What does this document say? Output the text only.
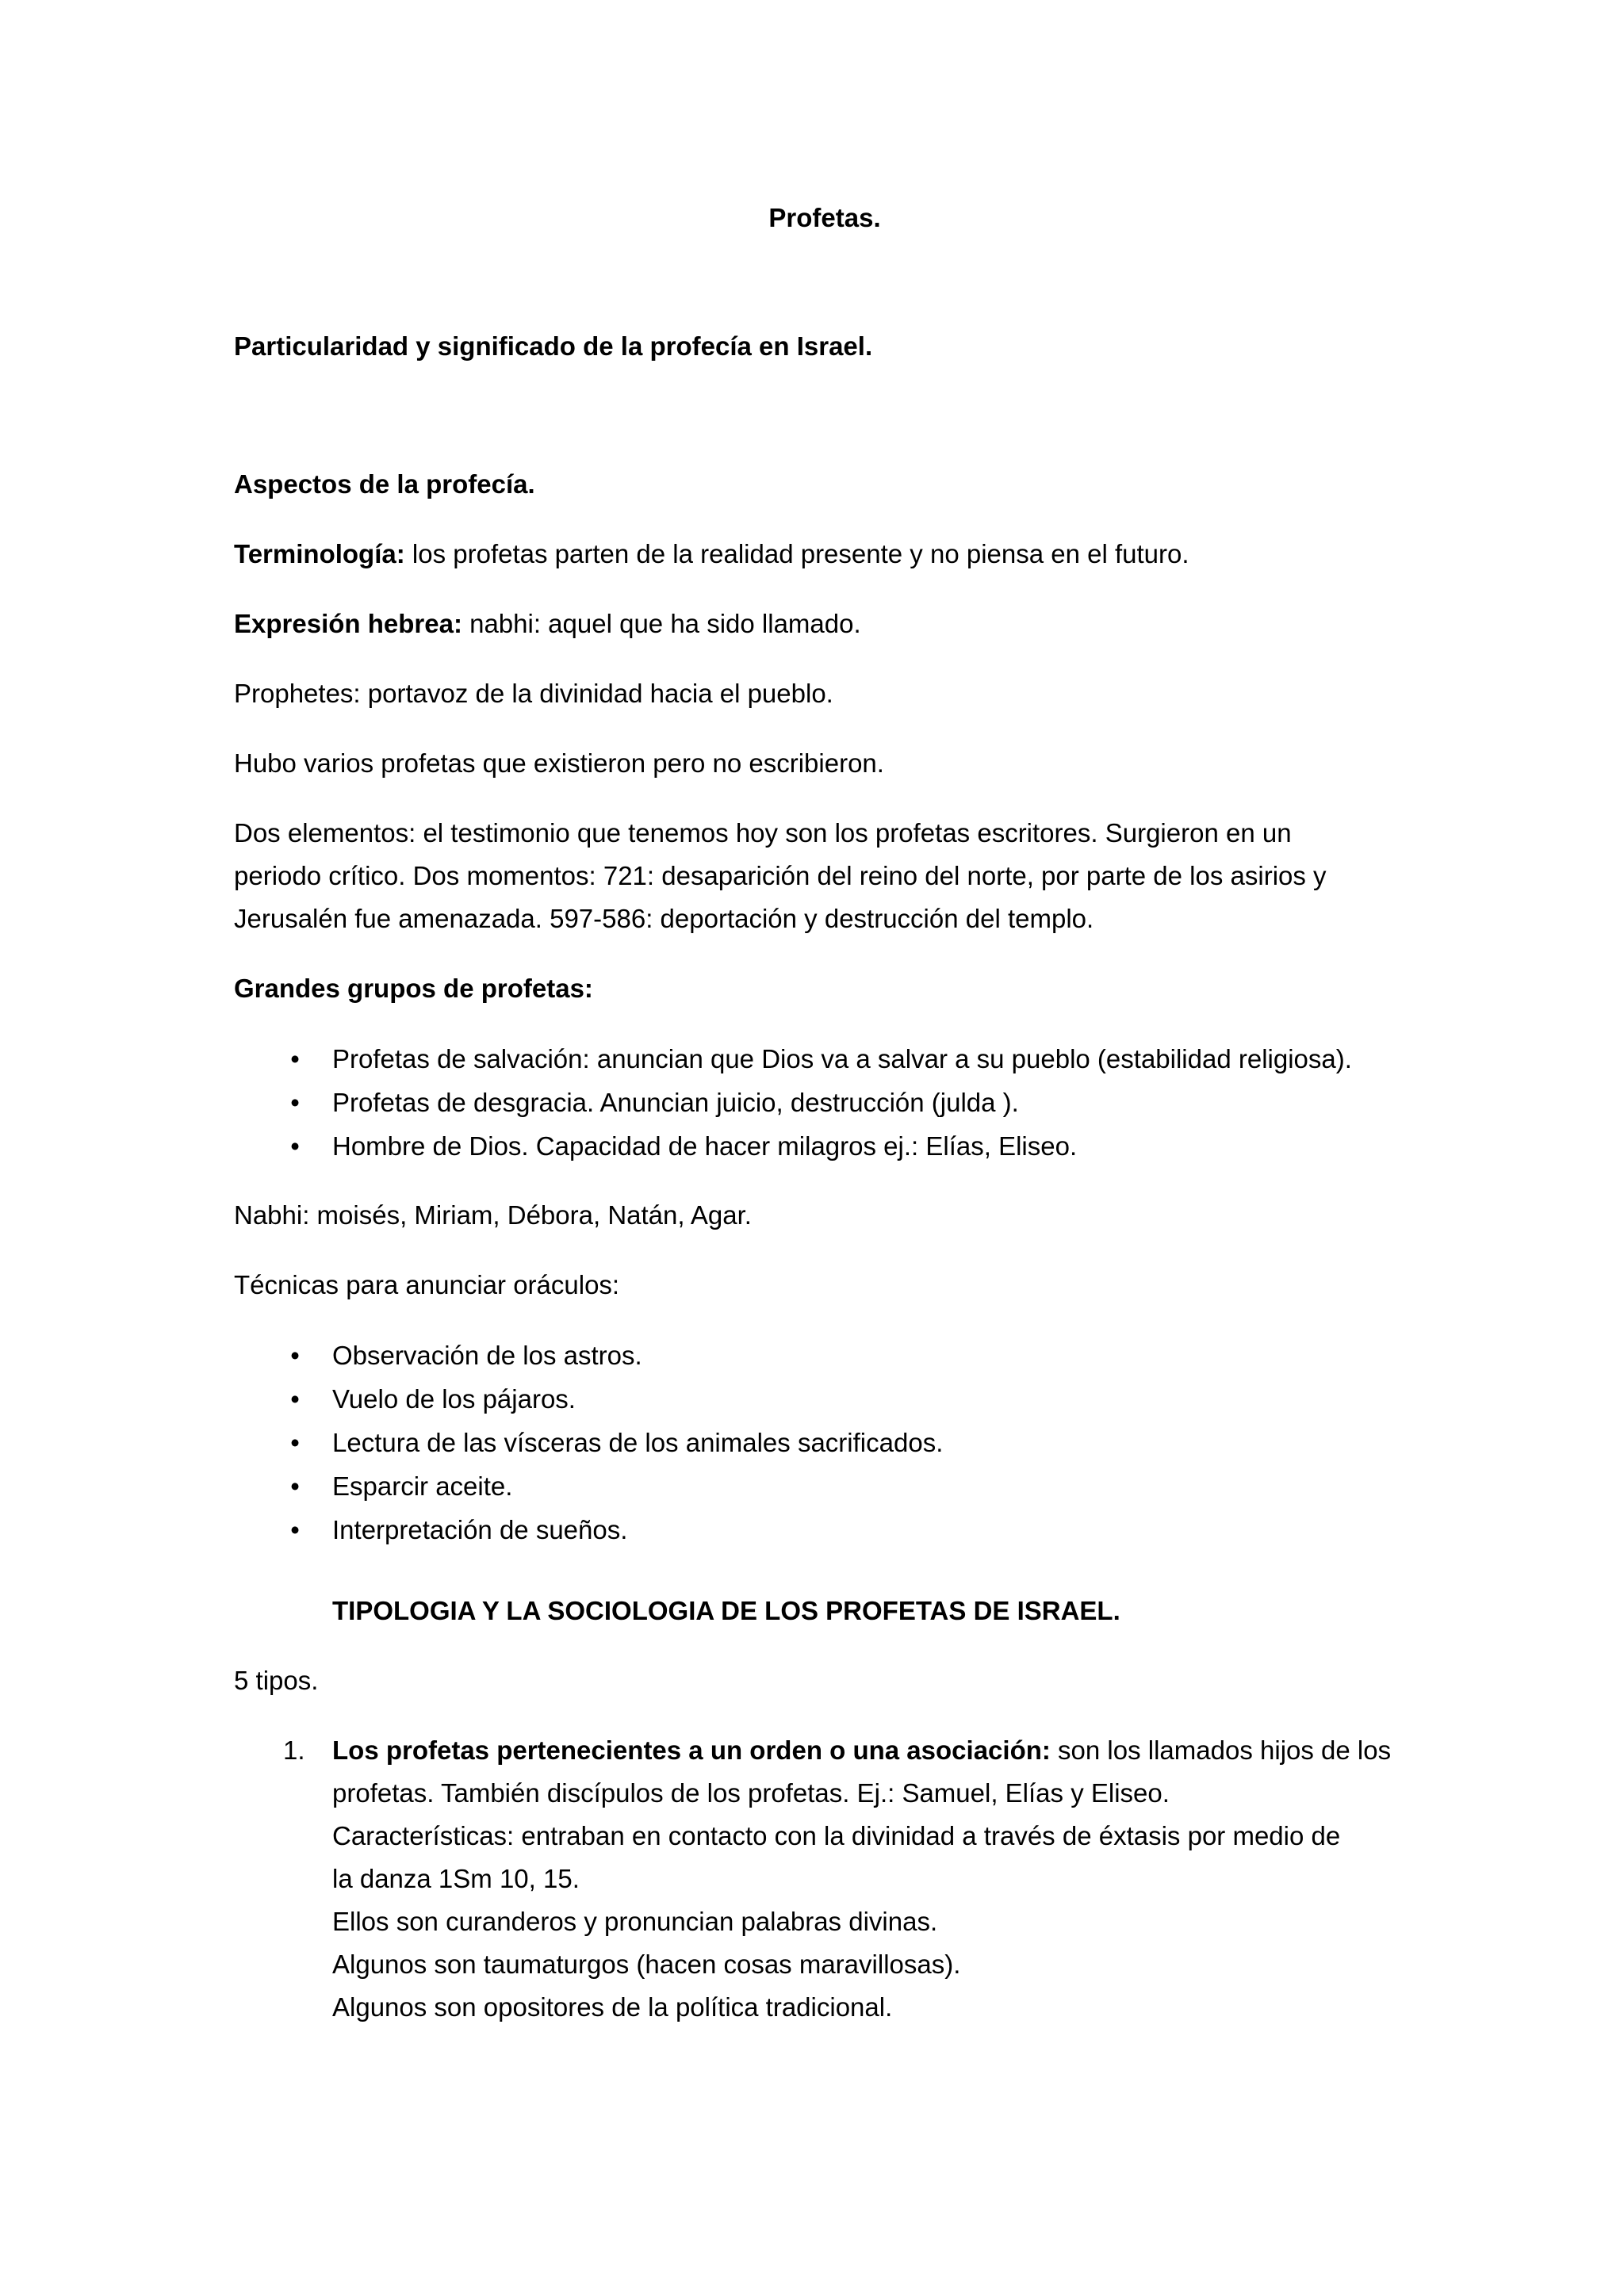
Profetas.

Particularidad y significado de la profecía en Israel.

Aspectos de la profecía.

Terminología: los profetas parten de la realidad presente y no piensa en el futuro.

Expresión hebrea: nabhi: aquel que ha sido llamado.

Prophetes: portavoz de la divinidad hacia el pueblo.

Hubo varios profetas que existieron pero no escribieron.

Dos elementos: el testimonio que tenemos hoy son los profetas escritores. Surgieron en un
periodo crítico. Dos momentos: 721: desaparición del reino del norte, por parte de los asirios y
Jerusalén fue amenazada. 597-586: deportación y destrucción del templo.

Grandes grupos de profetas:

• Profetas de salvación: anuncian que Dios va a salvar a su pueblo (estabilidad religiosa).
• Profetas de desgracia. Anuncian juicio, destrucción (julda ).
• Hombre de Dios. Capacidad de hacer milagros ej.: Elías, Eliseo.

Nabhi: moisés, Miriam, Débora, Natán, Agar.

Técnicas para anunciar oráculos:

• Observación de los astros.
• Vuelo de los pájaros.
• Lectura de las vísceras de los animales sacrificados.
• Esparcir aceite.
• Interpretación de sueños.

TIPOLOGIA Y LA SOCIOLOGIA DE LOS PROFETAS DE ISRAEL.

5 tipos.

1. Los profetas pertenecientes a un orden o una asociación: son los llamados hijos de los
profetas. También discípulos de los profetas. Ej.: Samuel, Elías y Eliseo.
Características: entraban en contacto con la divinidad a través de éxtasis por medio de
la danza 1Sm 10, 15.
Ellos son curanderos y pronuncian palabras divinas.
Algunos son taumaturgos (hacen cosas maravillosas).
Algunos son opositores de la política tradicional.
